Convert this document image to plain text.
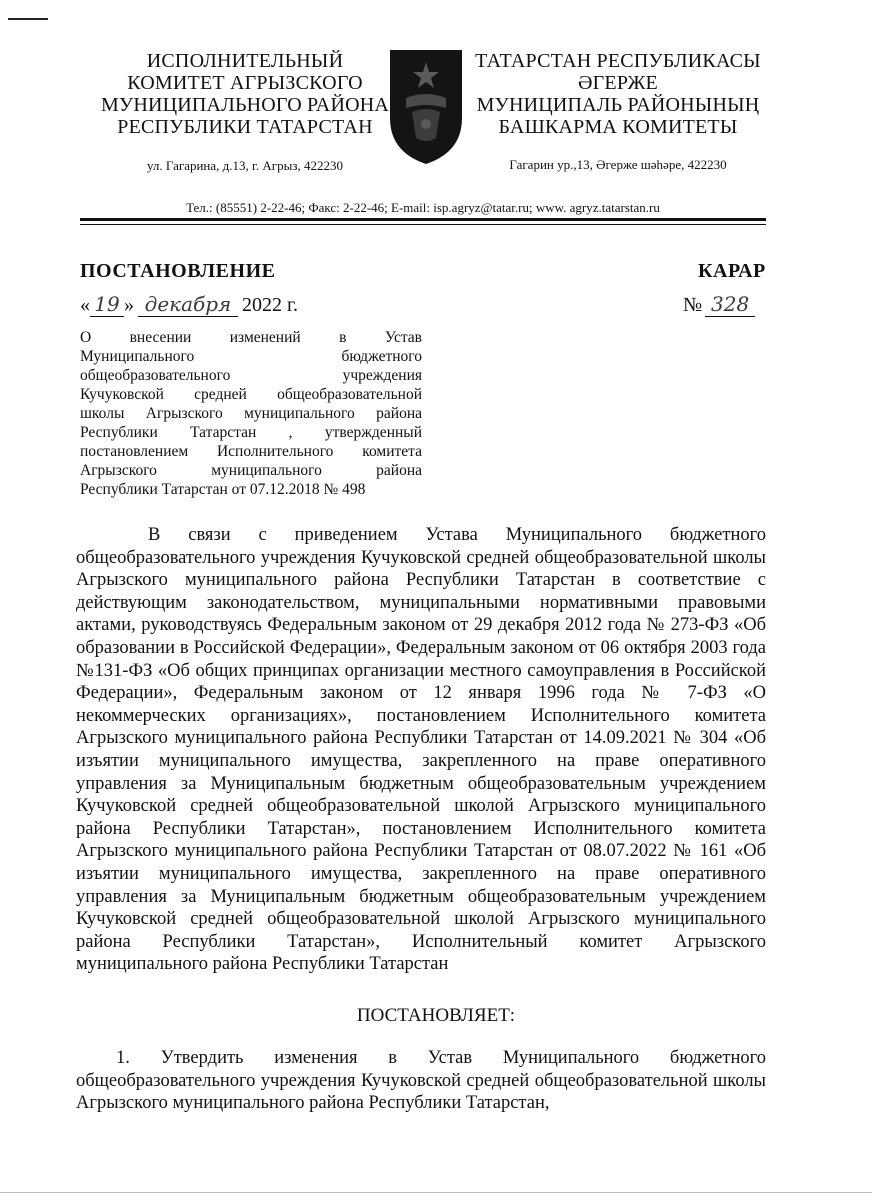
ИСПОЛНИТЕЛЬНЫЙ
КОМИТЕТ АГРЫЗСКОГО
МУНИЦИПАЛЬНОГО РАЙОНА
РЕСПУБЛИКИ ТАТАРСТАН
ул. Гагарина, д.13, г. Агрыз, 422230
ТАТАРСТАН РЕСПУБЛИКАСЫ
ӘГЕРЖЕ
МУНИЦИПАЛЬ РАЙОНЫНЫҢ
БАШКАРМА КОМИТЕТЫ
Гагарин ур.,13, Әгерже шәһәре, 422230
Тел.: (85551) 2-22-46; Факс: 2-22-46; E-mail: isp.agryz@tatar.ru; www. agryz.tatarstan.ru
ПОСТАНОВЛЕНИЕ	КАРАР
« 19 » декабря 2022 г.	№ 328
О внесении изменений в Устав
Муниципального бюджетного
общеобразовательного учреждения
Кучуковской средней общеобразовательной
школы Агрызского муниципального района
Республики Татарстан , утвержденный
постановлением Исполнительного комитета
Агрызского муниципального района
Республики Татарстан от 07.12.2018 № 498
В связи с приведением Устава Муниципального бюджетного общеобразовательного учреждения Кучуковской средней общеобразовательной школы Агрызского муниципального района Республики Татарстан в соответствие с действующим законодательством, муниципальными нормативными правовыми актами, руководствуясь Федеральным законом от 29 декабря 2012 года № 273-ФЗ «Об образовании в Российской Федерации», Федеральным законом от 06 октября 2003 года №131-ФЗ «Об общих принципах организации местного самоуправления в Российской Федерации», Федеральным законом от 12 января 1996 года № 7-ФЗ «О некоммерческих организациях», постановлением Исполнительного комитета Агрызского муниципального района Республики Татарстан от 14.09.2021 № 304 «Об изъятии муниципального имущества, закрепленного на праве оперативного управления за Муниципальным бюджетным общеобразовательным учреждением Кучуковской средней общеобразовательной школой Агрызского муниципального района Республики Татарстан», постановлением Исполнительного комитета Агрызского муниципального района Республики Татарстан от 08.07.2022 № 161 «Об изъятии муниципального имущества, закрепленного на праве оперативного управления за Муниципальным бюджетным общеобразовательным учреждением Кучуковской средней общеобразовательной школой Агрызского муниципального района Республики Татарстан», Исполнительный комитет Агрызского муниципального района Республики Татарстан
ПОСТАНОВЛЯЕТ:
1. Утвердить изменения в Устав Муниципального бюджетного общеобразовательного учреждения Кучуковской средней общеобразовательной школы Агрызского муниципального района Республики Татарстан,
